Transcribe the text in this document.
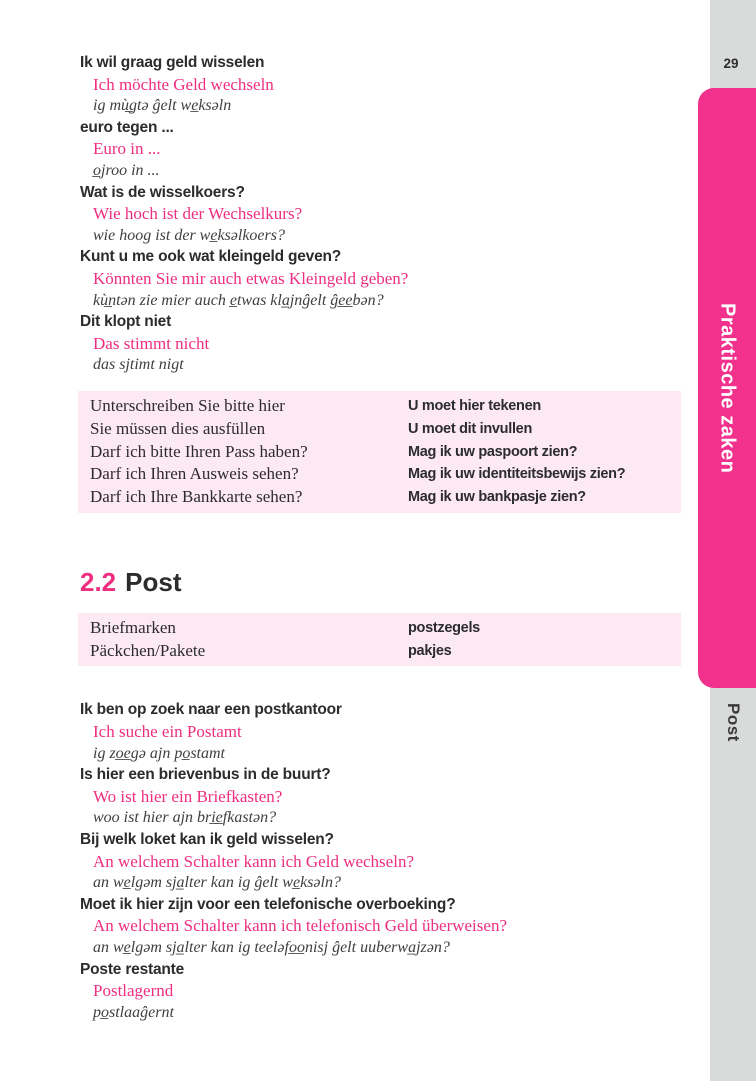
29
Praktische zaken
Post
Ik wil graag geld wisselen
Ich möchte Geld wechseln
ig mù̲gtə ĝelt we̲ksəln
euro tegen ...
Euro in ...
o̲jroo in ...
Wat is de wisselkoers?
Wie hoch ist der Wechselkurs?
wie hoog ist der we̲ksəlkoers?
Kunt u me ook wat kleingeld geven?
Könnten Sie mir auch etwas Kleingeld geben?
kù̲ntən zie mier auch e̲twas kla̲jnĝelt ĝe̲e̲bən?
Dit klopt niet
Das stimmt nicht
das sjtimt nigt
Unterschreiben Sie bitte hier	U moet hier tekenen
Sie müssen dies ausfüllen	U moet dit invullen
Darf ich bitte Ihren Pass haben?	Mag ik uw paspoort zien?
Darf ich Ihren Ausweis sehen?	Mag ik uw identiteitsbewijs zien?
Darf ich Ihre Bankkarte sehen?	Mag ik uw bankpasje zien?
2.2 Post
Briefmarken	postzegels
Päckchen/Pakete	pakjes
Ik ben op zoek naar een postkantoor
Ich suche ein Postamt
ig zo̲e̲gə ajn po̲stamt
Is hier een brievenbus in de buurt?
Wo ist hier ein Briefkasten?
woo ist hier ajn bri̲e̲fkastən?
Bij welk loket kan ik geld wisselen?
An welchem Schalter kann ich Geld wechseln?
an we̲lgəm sja̲lter kan ig ĝelt we̲ksəln?
Moet ik hier zijn voor een telefonische overboeking?
An welchem Schalter kann ich telefonisch Geld überweisen?
an we̲lgəm sja̲lter kan ig teeləfo̲o̲nisj ĝelt uuberwa̲jzən?
Poste restante
Postlagernd
po̲stlaaĝernt
